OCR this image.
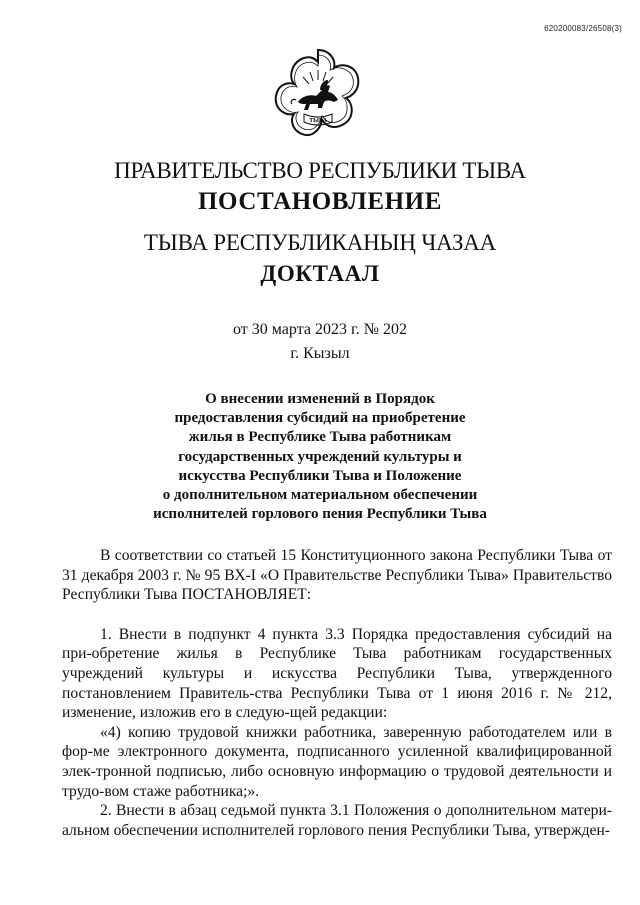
620200083/26508(3)
ТЫВА
ПРАВИТЕЛЬСТВО РЕСПУБЛИКИ ТЫВА
ПОСТАНОВЛЕНИЕ
ТЫВА РЕСПУБЛИКАНЫҢ ЧАЗАА
ДОКТААЛ
от 30 марта 2023 г. № 202
г. Кызыл
О внесении изменений в Порядок
предоставления субсидий на приобретение
жилья в Республике Тыва работникам
государственных учреждений культуры и
искусства Республики Тыва и Положение
о дополнительном материальном обеспечении
исполнителей горлового пения Республики Тыва

В соответствии со статьей 15 Конституционного закона Республики Тыва от 31 декабря 2003 г. № 95 ВХ-I «О Правительстве Республики Тыва» Правительство Республики Тыва ПОСТАНОВЛЯЕТ:

1. Внести в подпункт 4 пункта 3.3 Порядка предоставления субсидий на при-обретение жилья в Республике Тыва работникам государственных учреждений культуры и искусства Республики Тыва, утвержденного постановлением Правитель-ства Республики Тыва от 1 июня 2016 г. № 212, изменение, изложив его в следую-щей редакции:

«4) копию трудовой книжки работника, заверенную работодателем или в фор-ме электронного документа, подписанного усиленной квалифицированной элек-тронной подписью, либо основную информацию о трудовой деятельности и трудо-вом стаже работника;».

2. Внести в абзац седьмой пункта 3.1 Положения о дополнительном матери-альном обеспечении исполнителей горлового пения Республики Тыва, утвержден-
